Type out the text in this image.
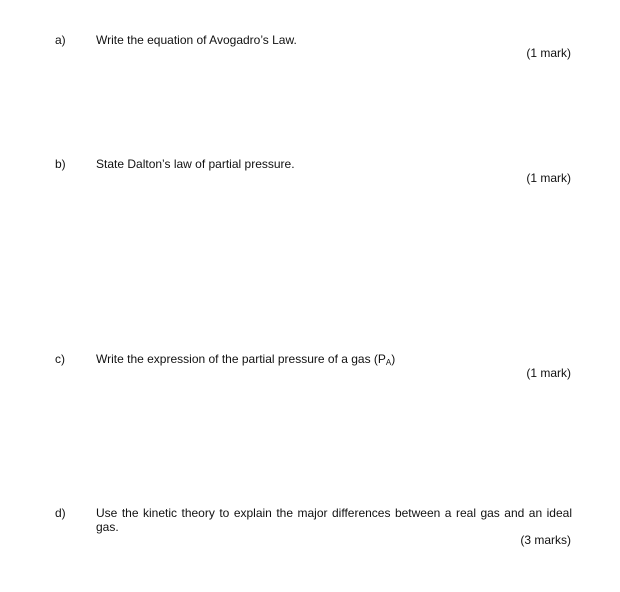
a)	Write the equation of Avogadro’s Law.
(1 mark)
b)	State Dalton’s law of partial pressure.
(1 mark)
c)	Write the expression of the partial pressure of a gas (PA)
(1 mark)
d)	Use the kinetic theory to explain the major differences between a real gas and an ideal gas.
(3 marks)
